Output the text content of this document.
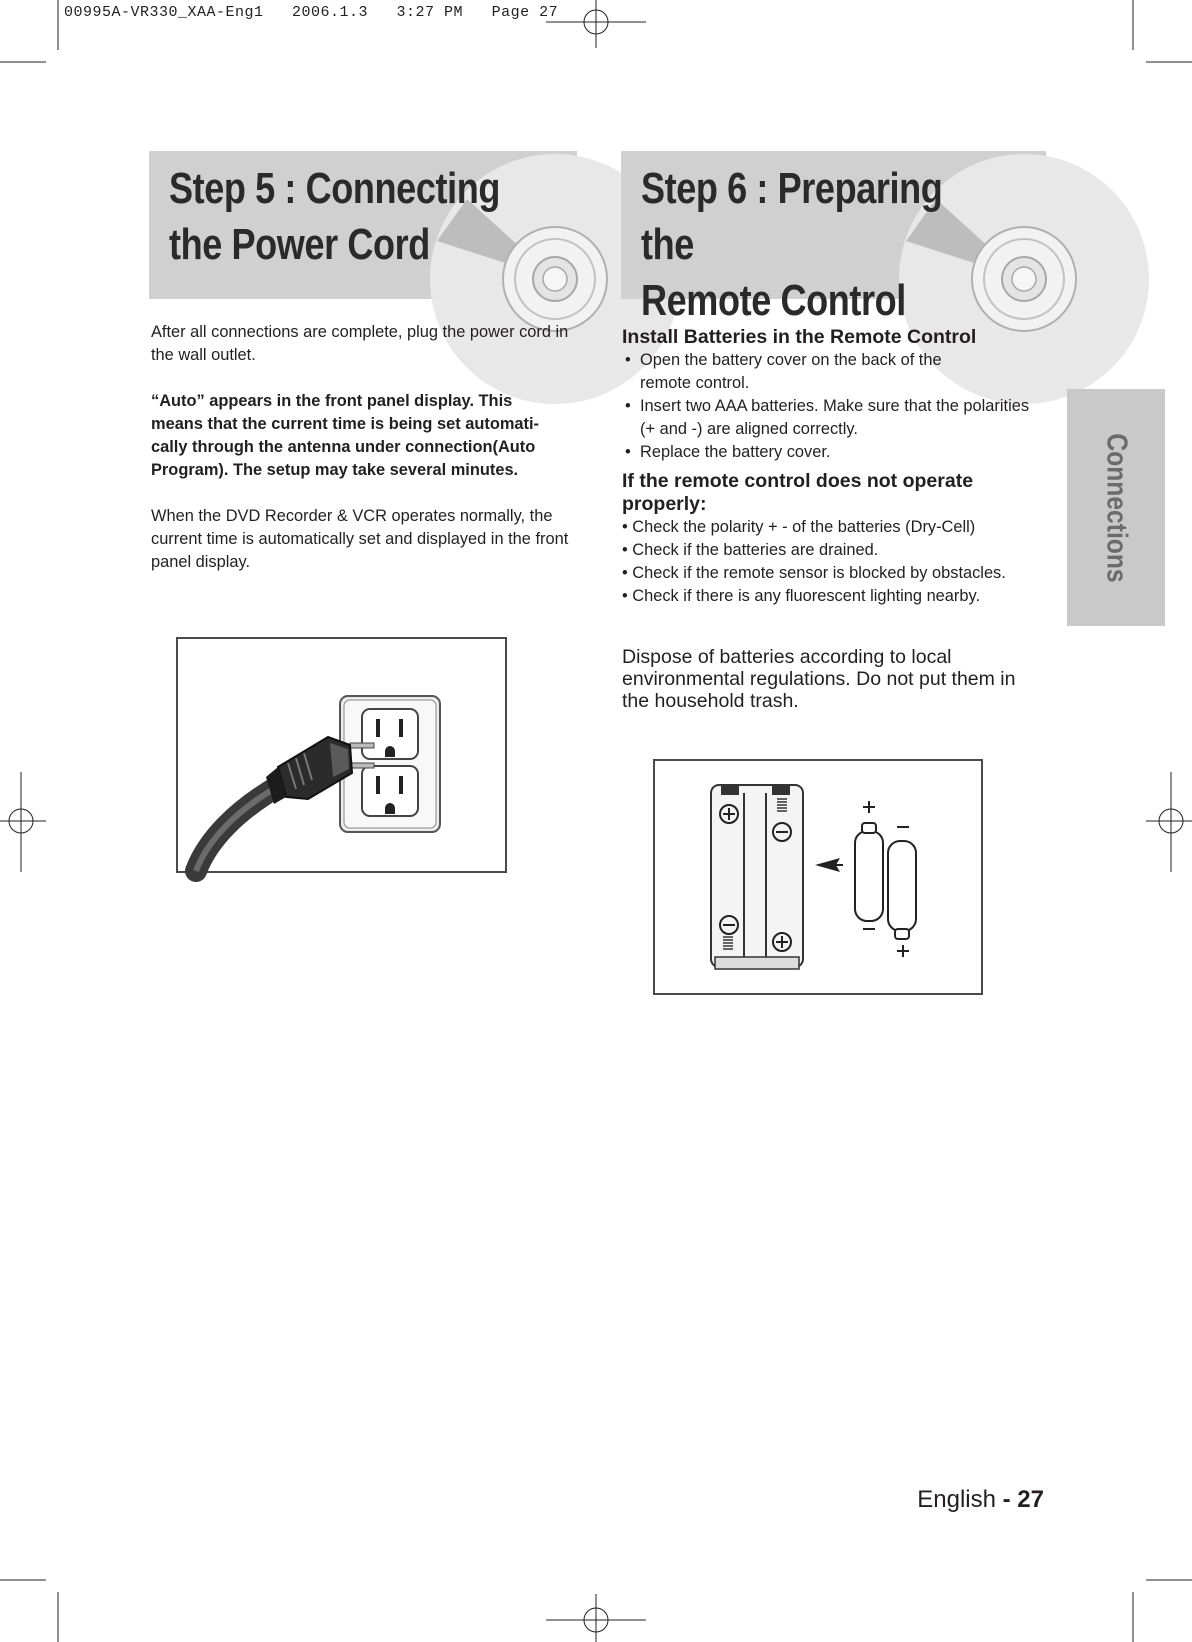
00995A-VR330_XAA-Eng1   2006.1.3   3:27 PM   Page 27
Step 5 : Connecting
the Power Cord
Step 6 : Preparing the
Remote Control

After all connections are complete, plug the power cord in the wall outlet.

“Auto” appears in the front panel display. This means that the current time is being set automati-cally through the antenna under connection(Auto Program). The setup may take several minutes.

When the DVD Recorder & VCR operates normally, the current time is automatically set and displayed in the front panel display.

Install Batteries in the Remote Control

• Open the battery cover on the back of the
remote control.
• Insert two AAA batteries. Make sure that the polarities
(+ and -) are aligned correctly.
• Replace the battery cover.

If the remote control does not operate
properly:

• Check the polarity + - of the batteries (Dry-Cell)
• Check if the batteries are drained.
• Check if the remote sensor is blocked by obstacles.
• Check if there is any fluorescent lighting nearby.

Dispose of batteries according to local
environmental regulations. Do not put them in
the household trash.

Connections
English - 27
